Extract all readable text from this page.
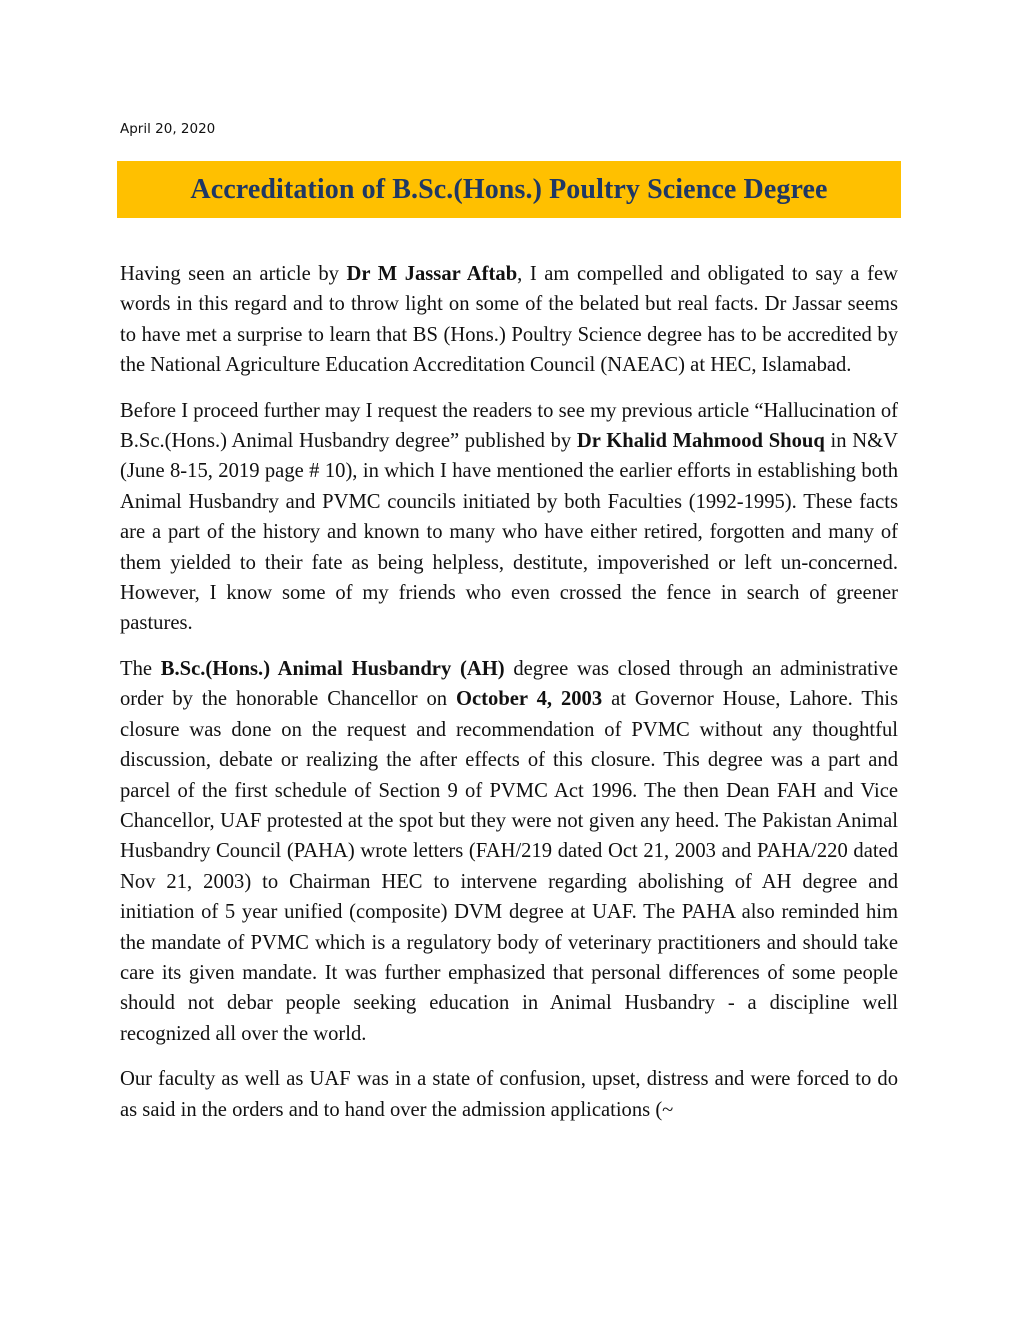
April 20, 2020
Accreditation of B.Sc.(Hons.) Poultry Science Degree

Having seen an article by Dr M Jassar Aftab, I am compelled and obligated to say a few words in this regard and to throw light on some of the belated but real facts. Dr Jassar seems to have met a surprise to learn that BS (Hons.) Poultry Science degree has to be accredited by the National Agriculture Education Accreditation Council (NAEAC) at HEC, Islamabad.

Before I proceed further may I request the readers to see my previous article “Hallucination of B.Sc.(Hons.) Animal Husbandry degree” published by Dr Khalid Mahmood Shouq in N&V (June 8-15, 2019 page # 10), in which I have mentioned the earlier efforts in establishing both Animal Husbandry and PVMC councils initiated by both Faculties (1992-1995). These facts are a part of the history and known to many who have either retired, forgotten and many of them yielded to their fate as being helpless, destitute, impoverished or left un-concerned. However, I know some of my friends who even crossed the fence in search of greener pastures.

The B.Sc.(Hons.) Animal Husbandry (AH) degree was closed through an administrative order by the honorable Chancellor on October 4, 2003 at Governor House, Lahore. This closure was done on the request and recommendation of PVMC without any thoughtful discussion, debate or realizing the after effects of this closure. This degree was a part and parcel of the first schedule of Section 9 of PVMC Act 1996. The then Dean FAH and Vice Chancellor, UAF protested at the spot but they were not given any heed. The Pakistan Animal Husbandry Council (PAHA) wrote letters (FAH/219 dated Oct 21, 2003 and PAHA/220 dated Nov 21, 2003) to Chairman HEC to intervene regarding abolishing of AH degree and initiation of 5 year unified (composite) DVM degree at UAF. The PAHA also reminded him the mandate of PVMC which is a regulatory body of veterinary practitioners and should take care its given mandate. It was further emphasized that personal differences of some people should not debar people seeking education in Animal Husbandry - a discipline well recognized all over the world.

Our faculty as well as UAF was in a state of confusion, upset, distress and were forced to do as said in the orders and to hand over the admission applications (~
